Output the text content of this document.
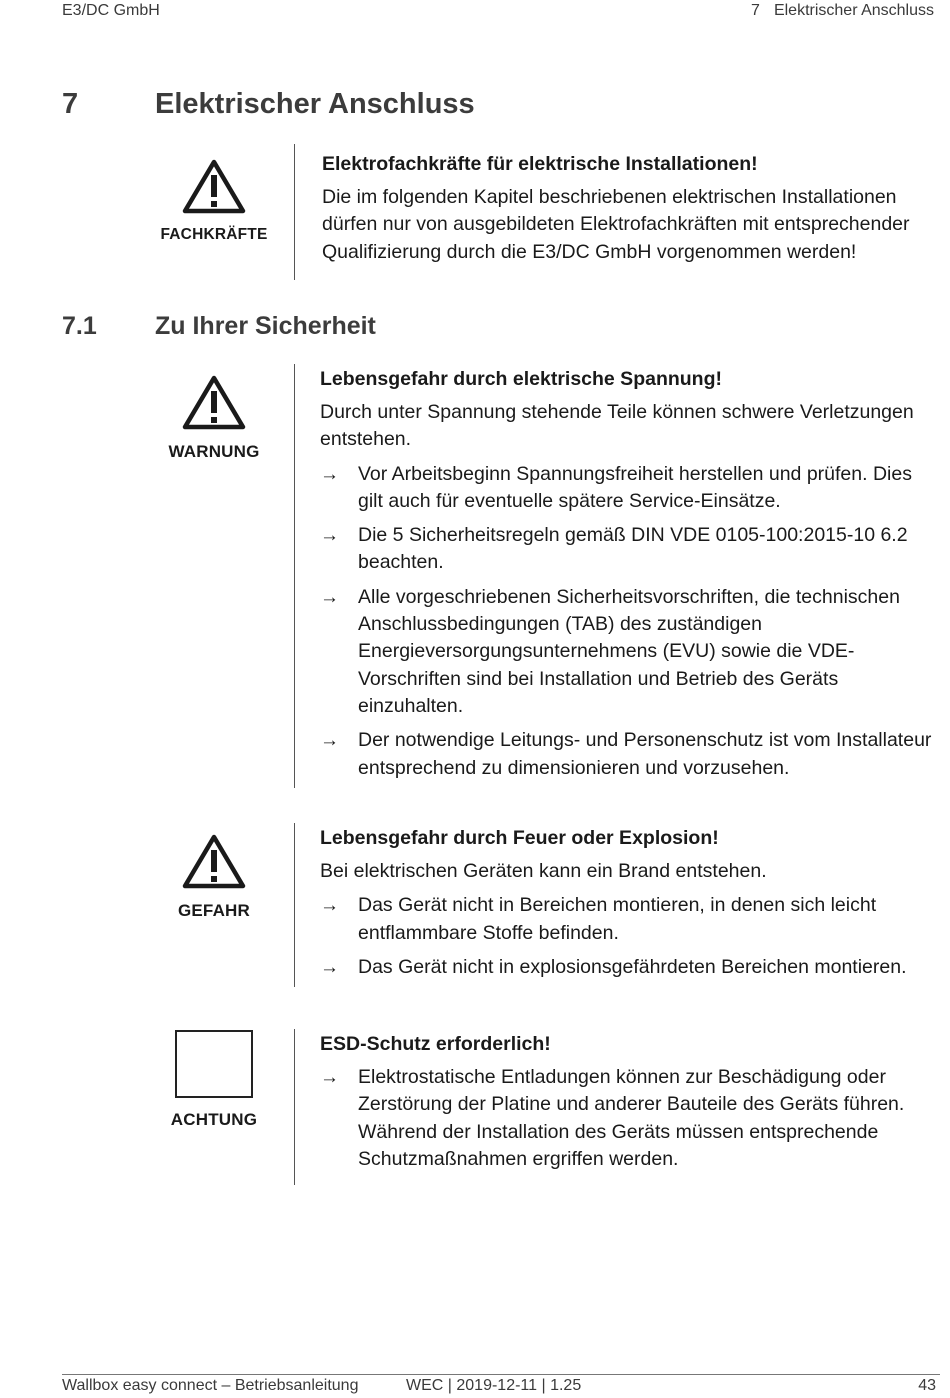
E3/DC GmbH	7 Elektrischer Anschluss
7	Elektrischer Anschluss
FACHKRÄFTE
Elektrofachkräfte für elektrische Installationen!
Die im folgenden Kapitel beschriebenen elektrischen Installationen dürfen nur von ausgebildeten Elektrofachkräften mit entsprechender Qualifizierung durch die E3/DC GmbH vorgenommen werden!
7.1 Zu Ihrer Sicherheit
WARNUNG
Lebensgefahr durch elektrische Spannung!
Durch unter Spannung stehende Teile können schwere Verletzungen entstehen.
→ Vor Arbeitsbeginn Spannungsfreiheit herstellen und prüfen. Dies gilt auch für eventuelle spätere Service-Einsätze.
→ Die 5 Sicherheitsregeln gemäß DIN VDE 0105-100:2015-10 6.2 beachten.
→ Alle vorgeschriebenen Sicherheitsvorschriften, die technischen Anschlussbedingungen (TAB) des zuständigen Energieversorgungsunternehmens (EVU) sowie die VDE-Vorschriften sind bei Installation und Betrieb des Geräts einzuhalten.
→ Der notwendige Leitungs- und Personenschutz ist vom Installateur entsprechend zu dimensionieren und vorzusehen.
GEFAHR
Lebensgefahr durch Feuer oder Explosion!
Bei elektrischen Geräten kann ein Brand entstehen.
→ Das Gerät nicht in Bereichen montieren, in denen sich leicht entflammbare Stoffe befinden.
→ Das Gerät nicht in explosionsgefährdeten Bereichen montieren.
ACHTUNG
ESD-Schutz erforderlich!
→ Elektrostatische Entladungen können zur Beschädigung oder Zerstörung der Platine und anderer Bauteile des Geräts führen. Während der Installation des Geräts müssen entsprechende Schutzmaßnahmen ergriffen werden.
Wallbox easy connect – Betriebsanleitung	WEC | 2019-12-11 | 1.25	43
